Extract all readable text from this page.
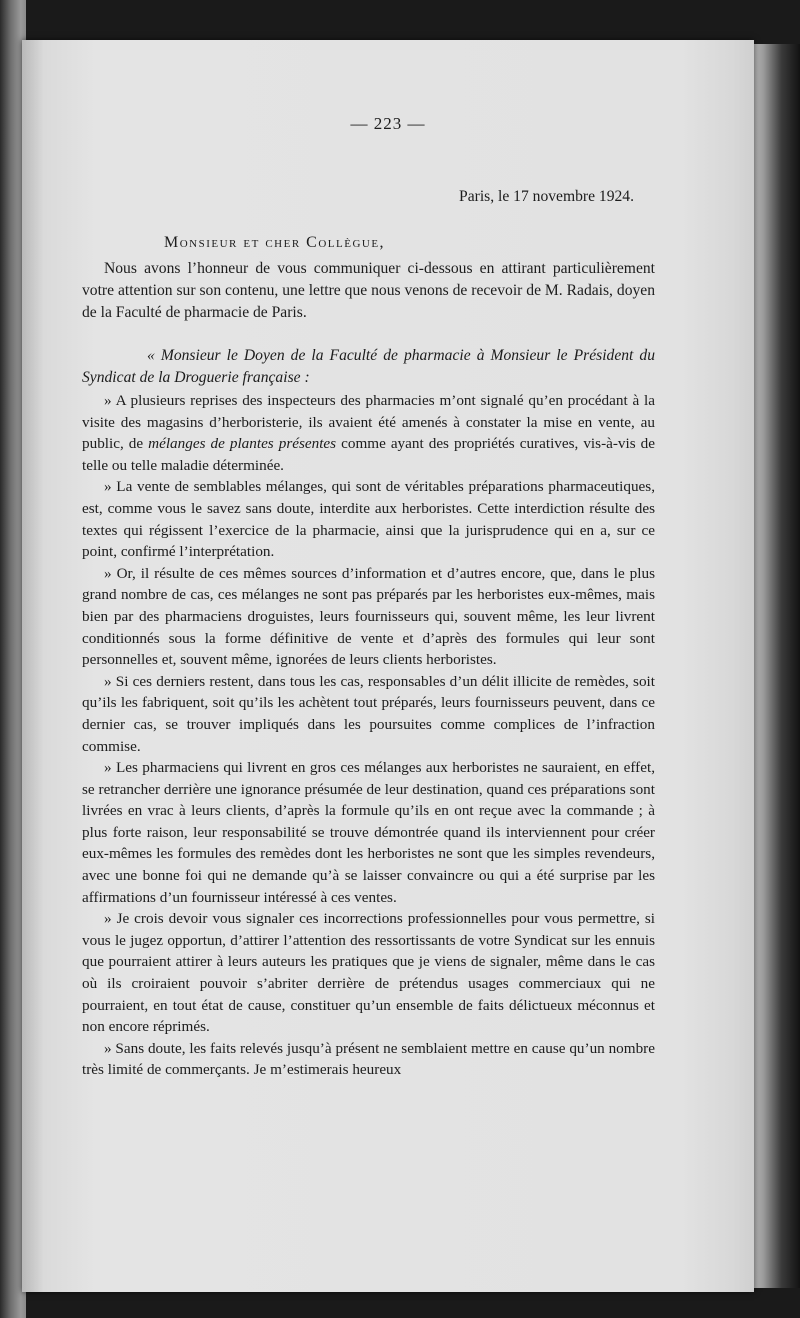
— 223 —
Paris, le 17 novembre 1924.
Monsieur et cher Collègue,

Nous avons l’honneur de vous communiquer ci-dessous en attirant particulièrement votre attention sur son contenu, une lettre que nous venons de recevoir de M. Radais, doyen de la Faculté de pharmacie de Paris.

« Monsieur le Doyen de la Faculté de pharmacie à Monsieur le Président du Syndicat de la Droguerie française :

» A plusieurs reprises des inspecteurs des pharmacies m’ont signalé qu’en procédant à la visite des magasins d’herboristerie, ils avaient été amenés à constater la mise en vente, au public, de mélanges de plantes présentes comme ayant des propriétés curatives, vis-à-vis de telle ou telle maladie déterminée.

» La vente de semblables mélanges, qui sont de véritables préparations pharmaceutiques, est, comme vous le savez sans doute, interdite aux herboristes. Cette interdiction résulte des textes qui régissent l’exercice de la pharmacie, ainsi que la jurisprudence qui en a, sur ce point, confirmé l’interprétation.

» Or, il résulte de ces mêmes sources d’information et d’autres encore, que, dans le plus grand nombre de cas, ces mélanges ne sont pas préparés par les herboristes eux-mêmes, mais bien par des pharmaciens droguistes, leurs fournisseurs qui, souvent même, les leur livrent conditionnés sous la forme définitive de vente et d’après des formules qui leur sont personnelles et, souvent même, ignorées de leurs clients herboristes.

» Si ces derniers restent, dans tous les cas, responsables d’un délit illicite de remèdes, soit qu’ils les fabriquent, soit qu’ils les achètent tout préparés, leurs fournisseurs peuvent, dans ce dernier cas, se trouver impliqués dans les poursuites comme complices de l’infraction commise.

» Les pharmaciens qui livrent en gros ces mélanges aux herboristes ne sauraient, en effet, se retrancher derrière une ignorance présumée de leur destination, quand ces préparations sont livrées en vrac à leurs clients, d’après la formule qu’ils en ont reçue avec la commande ; à plus forte raison, leur responsabilité se trouve démontrée quand ils interviennent pour créer eux-mêmes les formules des remèdes dont les herboristes ne sont que les simples revendeurs, avec une bonne foi qui ne demande qu’à se laisser convaincre ou qui a été surprise par les affirmations d’un fournisseur intéressé à ces ventes.

» Je crois devoir vous signaler ces incorrections professionnelles pour vous permettre, si vous le jugez opportun, d’attirer l’attention des ressortissants de votre Syndicat sur les ennuis que pourraient attirer à leurs auteurs les pratiques que je viens de signaler, même dans le cas où ils croiraient pouvoir s’abriter derrière de prétendus usages commerciaux qui ne pourraient, en tout état de cause, constituer qu’un ensemble de faits délictueux méconnus et non encore réprimés.

» Sans doute, les faits relevés jusqu’à présent ne semblaient mettre en cause qu’un nombre très limité de commerçants. Je m’estimerais heureux
